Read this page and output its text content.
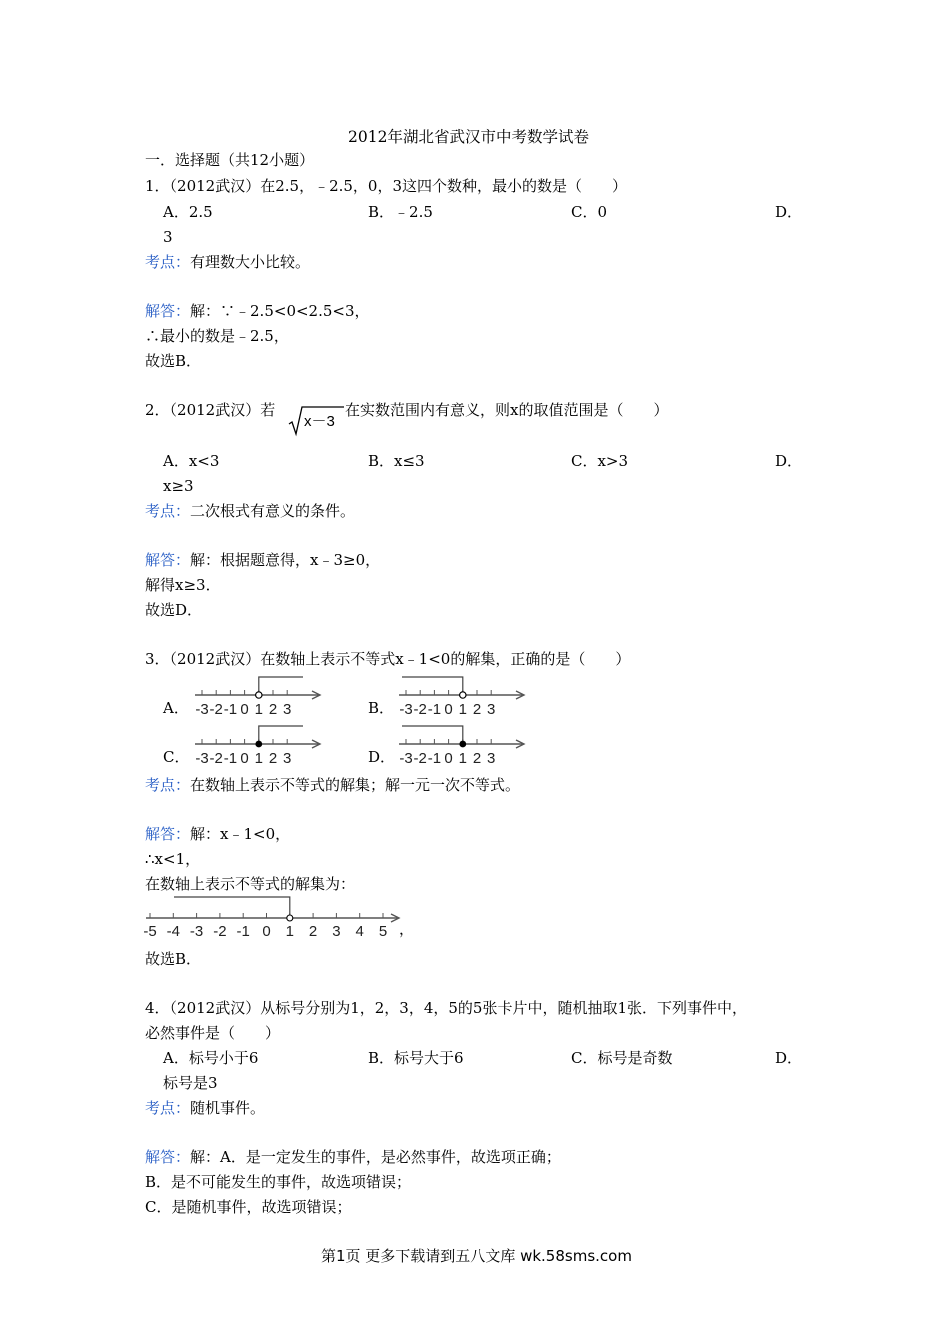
2012年湖北省武汉市中考数学试卷
一．选择题（共12小题）
1．（2012武汉）在2.5，﹣2.5，0，3这四个数种，最小的数是（　　）
A．2.5	B．﹣2.5	C．0	D．
3
考点：有理数大小比较。
解答：解：∵﹣2.5<0<2.5<3，
∴最小的数是﹣2.5，
故选B．
2．（2012武汉）若
x－3
在实数范围内有意义，则x的取值范围是（　　）
A．x<3	B．x≤3	C．x>3	D．
x≥3
考点：二次根式有意义的条件。
解答：解：根据题意得，x﹣3≥0，
解得x≥3．
故选D．
3．（2012武汉）在数轴上表示不等式x﹣1<0的解集，正确的是（　　）
A． -3 -2 -1 0 1 2 3	B． -3 -2 -1 0 1 2 3
C． -3 -2 -1 0 1 2 3	D． -3 -2 -1 0 1 2 3
考点：在数轴上表示不等式的解集；解一元一次不等式。
解答：解：x﹣1<0，
∴x<1，
在数轴上表示不等式的解集为：
-5 -4 -3 -2 -1 0 1 2 3 4 5 ，
故选B．
4．（2012武汉）从标号分别为1，2，3，4，5的5张卡片中，随机抽取1张．下列事件中，
必然事件是（　　）
A．标号小于6	B．标号大于6	C．标号是奇数	D．
标号是3
考点：随机事件。
解答：解：A．是一定发生的事件，是必然事件，故选项正确；
B．是不可能发生的事件，故选项错误；
C．是随机事件，故选项错误；
第1页 更多下载请到五八文库 wk.58sms.com
